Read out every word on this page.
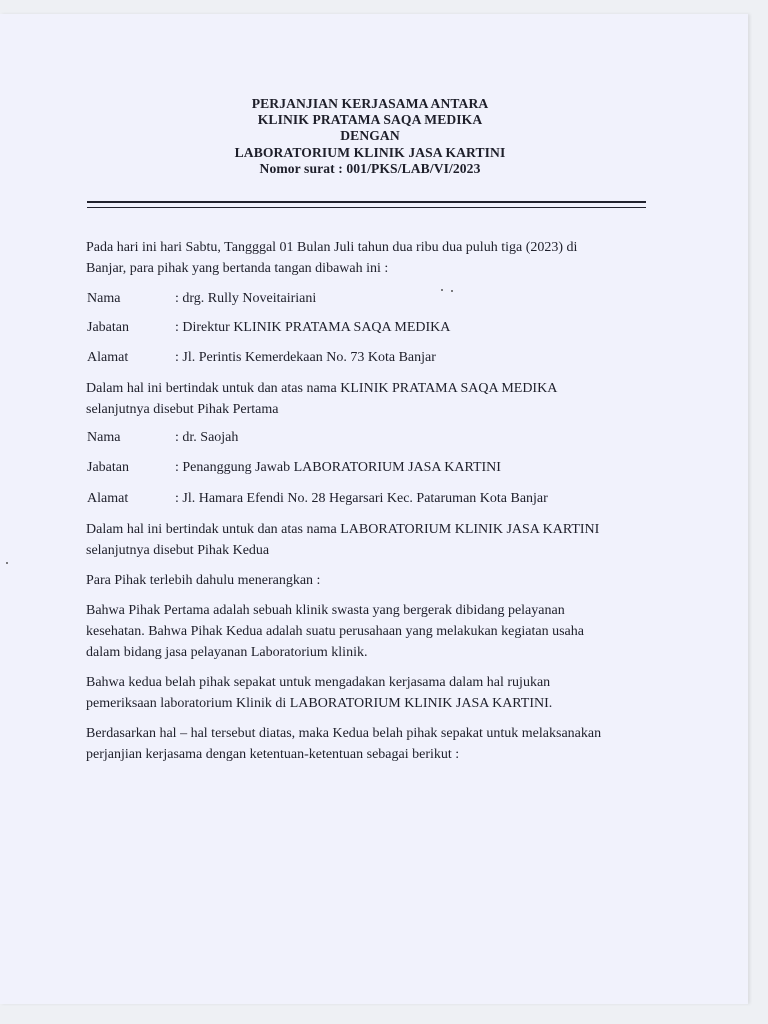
PERJANJIAN KERJASAMA ANTARA
KLINIK PRATAMA SAQA MEDIKA
DENGAN
LABORATORIUM KLINIK JASA KARTINI
Nomor surat : 001/PKS/LAB/VI/2023
Pada hari ini hari Sabtu, Tangggal 01 Bulan Juli tahun dua ribu dua puluh tiga (2023) di
Banjar, para pihak yang bertanda tangan dibawah ini :
Nama	: drg. Rully Noveitairiani
Jabatan	: Direktur KLINIK PRATAMA SAQA MEDIKA
Alamat	: Jl. Perintis Kemerdekaan No. 73 Kota Banjar
Dalam hal ini bertindak untuk dan atas nama KLINIK PRATAMA SAQA MEDIKA
selanjutnya disebut Pihak Pertama
Nama	: dr. Saojah
Jabatan	: Penanggung Jawab LABORATORIUM JASA KARTINI
Alamat	: Jl. Hamara Efendi No. 28 Hegarsari Kec. Pataruman Kota Banjar
Dalam hal ini bertindak untuk dan atas nama LABORATORIUM KLINIK JASA KARTINI
selanjutnya disebut Pihak Kedua
Para Pihak terlebih dahulu menerangkan :
Bahwa Pihak Pertama adalah sebuah klinik swasta yang bergerak dibidang pelayanan
kesehatan. Bahwa Pihak Kedua adalah suatu perusahaan yang melakukan kegiatan usaha
dalam bidang jasa pelayanan Laboratorium klinik.
Bahwa kedua belah pihak sepakat untuk mengadakan kerjasama dalam hal rujukan
pemeriksaan laboratorium Klinik di LABORATORIUM KLINIK JASA KARTINI.
Berdasarkan hal – hal tersebut diatas, maka Kedua belah pihak sepakat untuk melaksanakan
perjanjian kerjasama dengan ketentuan-ketentuan sebagai berikut :
